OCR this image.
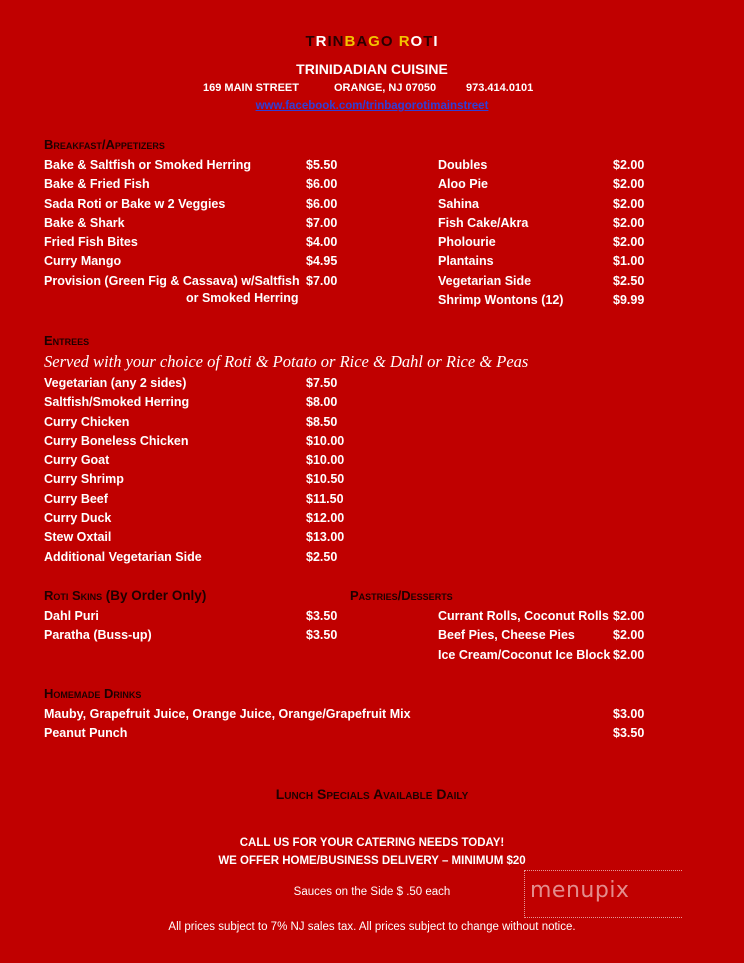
TRINBAGO ROTI
TRINIDADIAN CUISINE
169 MAIN STREET	ORANGE, NJ 07050	973.414.0101
www.facebook.com/trinbagorotimainstreet
Breakfast/Appetizers
Bake & Saltfish or Smoked Herring	$5.50
Bake & Fried Fish	$6.00
Sada Roti or Bake w 2 Veggies	$6.00
Bake & Shark	$7.00
Fried Fish Bites	$4.00
Curry Mango	$4.95
Provision (Green Fig & Cassava) w/Saltfish $7.00
or Smoked Herring
Doubles	$2.00
Aloo Pie	$2.00
Sahina	$2.00
Fish Cake/Akra	$2.00
Pholourie	$2.00
Plantains	$1.00
Vegetarian Side	$2.50
Shrimp Wontons (12)	$9.99
Entrees
Served with your choice of Roti & Potato or Rice & Dahl or Rice & Peas
Vegetarian (any 2 sides)	$7.50
Saltfish/Smoked Herring	$8.00
Curry Chicken	$8.50
Curry Boneless Chicken	$10.00
Curry Goat	$10.00
Curry Shrimp	$10.50
Curry Beef	$11.50
Curry Duck	$12.00
Stew Oxtail	$13.00
Additional Vegetarian Side	$2.50
Roti Skins (By Order Only)
Dahl Puri	$3.50
Paratha (Buss-up)	$3.50
Pastries/Desserts
Currant Rolls, Coconut Rolls $2.00
Beef Pies, Cheese Pies	$2.00
Ice Cream/Coconut Ice Block $2.00
Homemade Drinks
Mauby, Grapefruit Juice, Orange Juice, Orange/Grapefruit Mix	$3.00
Peanut Punch	$3.50
Lunch Specials Available Daily
CALL US FOR YOUR CATERING NEEDS TODAY!
WE OFFER HOME/BUSINESS DELIVERY – MINIMUM $20
Sauces on the Side $ .50 each
All prices subject to 7% NJ sales tax. All prices subject to change without notice.
menupix
